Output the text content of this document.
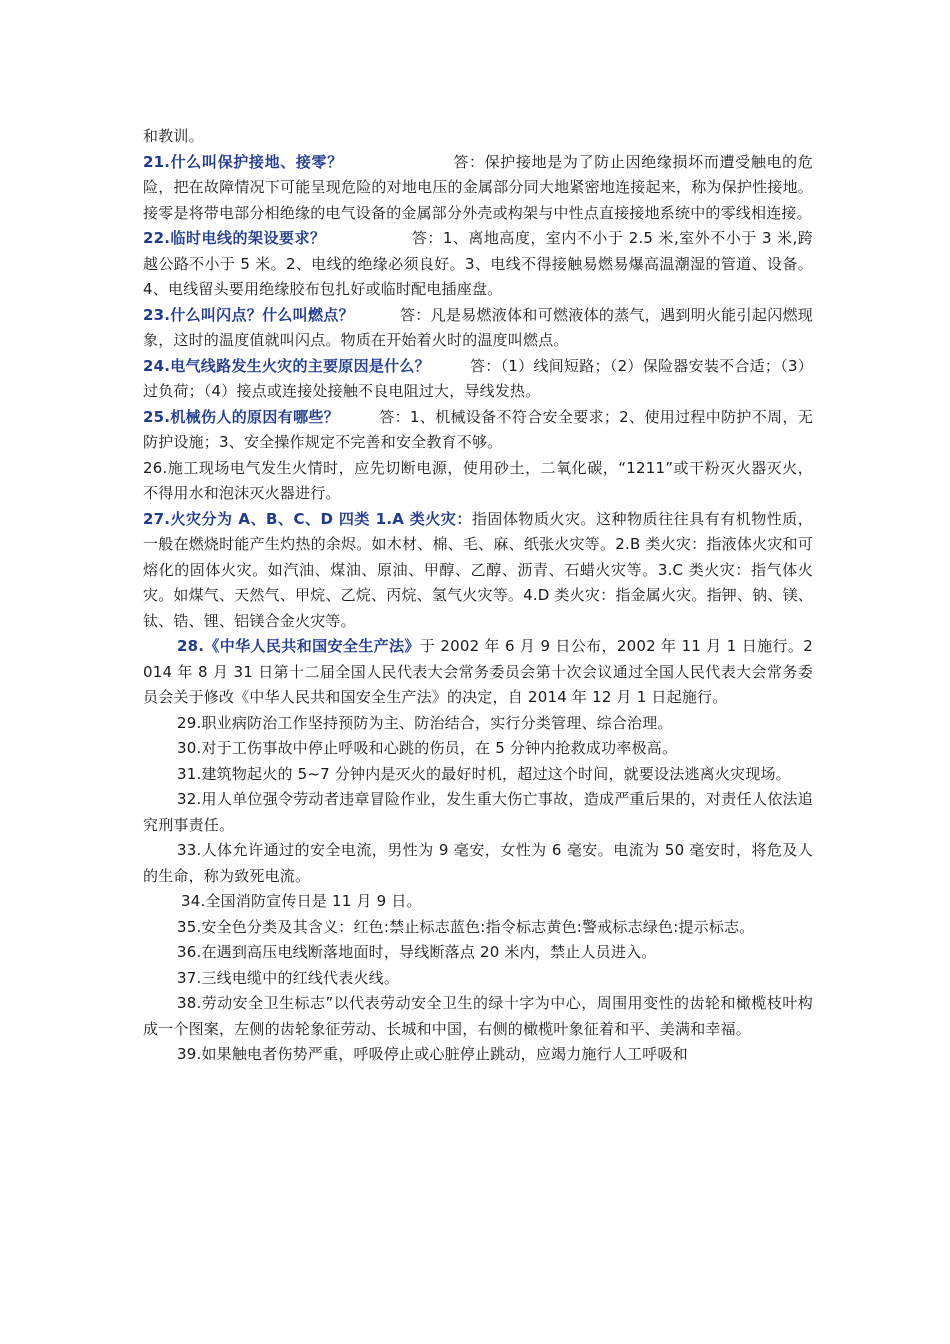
和教训。

21.什么叫保护接地、接零？	答：保护接地是为了防止因绝缘损坏而遭受触电的危险，把在故障情况下可能呈现危险的对地电压的金属部分同大地紧密地连接起来，称为保护性接地。接零是将带电部分相绝缘的电气设备的金属部分外壳或构架与中性点直接接地系统中的零线相连接。

22.临时电线的架设要求？	答：1、离地高度，室内不小于 2.5 米,室外不小于 3 米,跨越公路不小于 5 米。2、电线的绝缘必须良好。3、电线不得接触易燃易爆高温潮湿的管道、设备。4、电线留头要用绝缘胶布包扎好或临时配电插座盘。

23.什么叫闪点？什么叫燃点？	答：凡是易燃液体和可燃液体的蒸气，遇到明火能引起闪燃现象，这时的温度值就叫闪点。物质在开始着火时的温度叫燃点。

24.电气线路发生火灾的主要原因是什么？	答：（1）线间短路；（2）保险器安装不合适；（3）过负荷；（4）接点或连接处接触不良电阻过大，导线发热。

25.机械伤人的原因有哪些？	答：1、机械设备不符合安全要求；2、使用过程中防护不周，无防护设施；3、安全操作规定不完善和安全教育不够。

26.施工现场电气发生火情时，应先切断电源，使用砂土，二氧化碳，“1211”或干粉灭火器灭火，不得用水和泡沫灭火器进行。

27.火灾分为 A、B、C、D 四类 1.A 类火灾：指固体物质火灾。这种物质往往具有有机物性质，一般在燃烧时能产生灼热的余烬。如木材、棉、毛、麻、纸张火灾等。2.B 类火灾：指液体火灾和可熔化的固体火灾。如汽油、煤油、原油、甲醇、乙醇、沥青、石蜡火灾等。3.C 类火灾：指气体火灾。如煤气、天然气、甲烷、乙烷、丙烷、氢气火灾等。4.D 类火灾：指金属火灾。指钾、钠、镁、钛、锆、锂、铝镁合金火灾等。

28.《中华人民共和国安全生产法》于 2002 年 6 月 9 日公布，2002 年 11 月 1 日施行。2014 年 8 月 31 日第十二届全国人民代表大会常务委员会第十次会议通过全国人民代表大会常务委员会关于修改《中华人民共和国安全生产法》的决定，自 2014 年 12 月 1 日起施行。

29.职业病防治工作坚持预防为主、防治结合，实行分类管理、综合治理。

30.对于工伤事故中停止呼吸和心跳的伤员，在 5 分钟内抢救成功率极高。

31.建筑物起火的 5~7 分钟内是灭火的最好时机，超过这个时间，就要设法逃离火灾现场。

32.用人单位强令劳动者违章冒险作业，发生重大伤亡事故，造成严重后果的，对责任人依法追究刑事责任。

33.人体允许通过的安全电流，男性为 9 毫安，女性为 6 毫安。电流为 50 毫安时，将危及人的生命，称为致死电流。

34.全国消防宣传日是 11 月 9 日。

35.安全色分类及其含义：红色:禁止标志蓝色:指令标志黄色:警戒标志绿色:提示标志。

36.在遇到高压电线断落地面时，导线断落点 20 米内，禁止人员进入。

37.三线电缆中的红线代表火线。

38.劳动安全卫生标志”以代表劳动安全卫生的绿十字为中心，周围用变性的齿轮和橄榄枝叶构成一个图案，左侧的齿轮象征劳动、长城和中国，右侧的橄榄叶象征着和平、美满和幸福。

39.如果触电者伤势严重，呼吸停止或心脏停止跳动，应竭力施行人工呼吸和
